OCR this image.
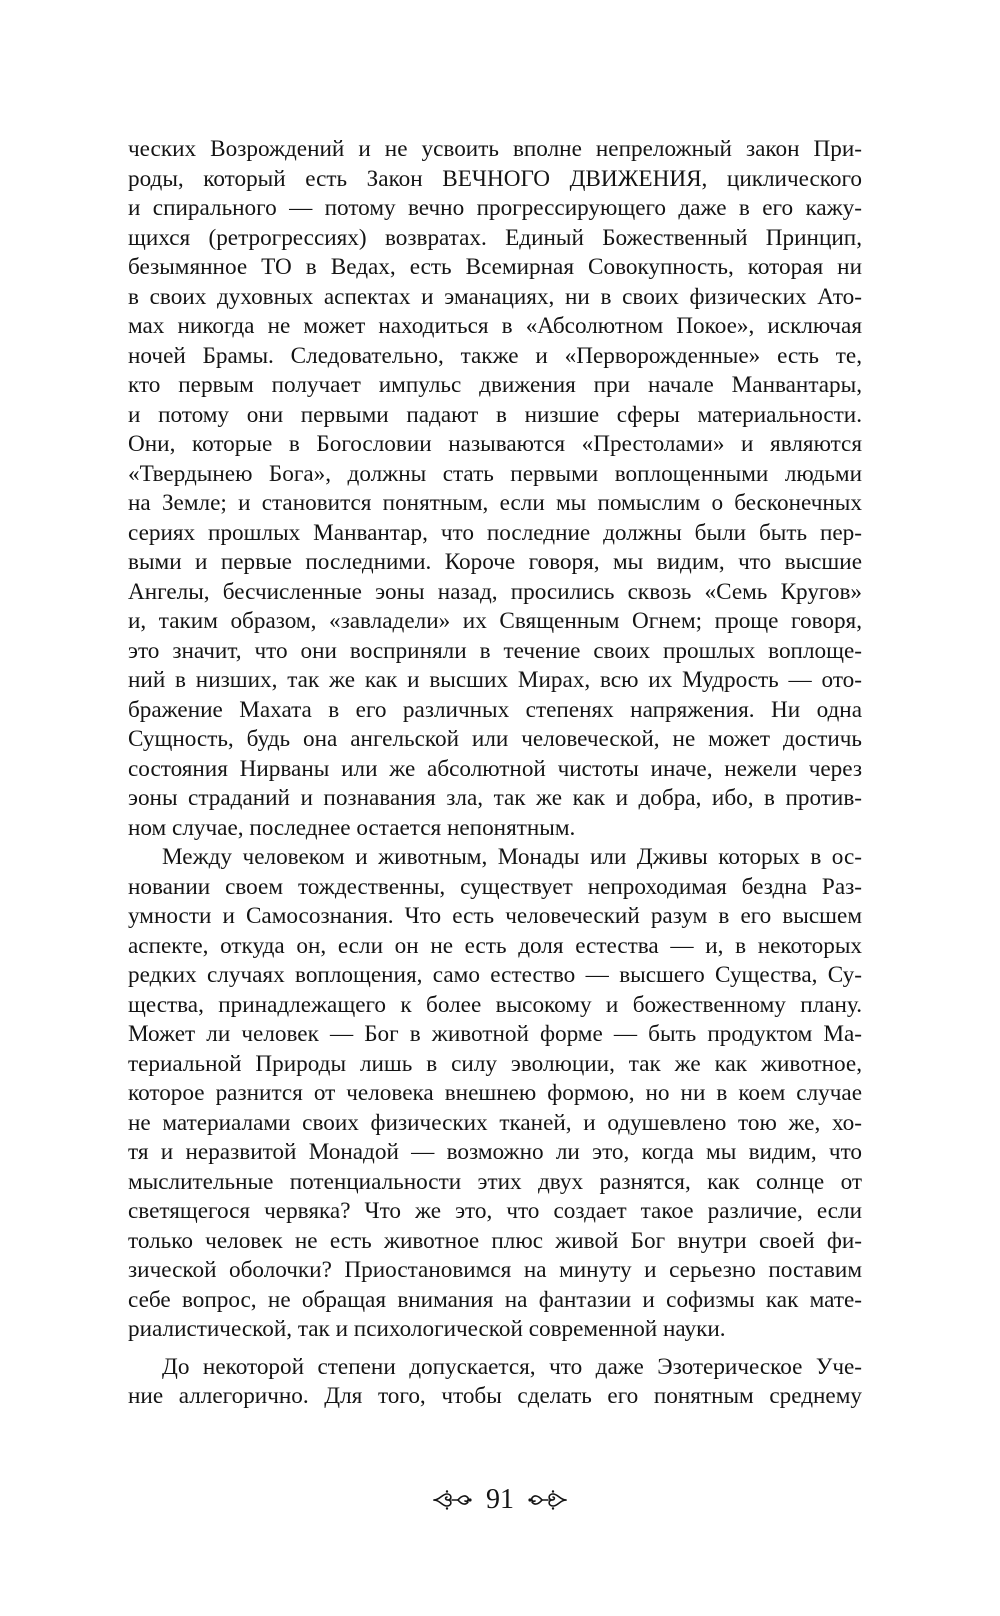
ческих Возрождений и не усвоить вполне непреложный закон При-
роды, который есть Закон ВЕЧНОГО ДВИЖЕНИЯ, циклического
и спирального — потому вечно прогрессирующего даже в его кажу-
щихся (ретрогрессиях) возвратах. Единый Божественный Принцип,
безымянное ТО в Ведах, есть Всемирная Совокупность, которая ни
в своих духовных аспектах и эманациях, ни в своих физических Ато-
мах никогда не может находиться в «Абсолютном Покое», исключая
ночей Брамы. Следовательно, также и «Перворожденные» есть те,
кто первым получает импульс движения при начале Манвантары,
и потому они первыми падают в низшие сферы материальности.
Они, которые в Богословии называются «Престолами» и являются
«Твердынею Бога», должны стать первыми воплощенными людьми
на Земле; и становится понятным, если мы помыслим о бесконечных
сериях прошлых Манвантар, что последние должны были быть пер-
выми и первые последними. Короче говоря, мы видим, что высшие
Ангелы, бесчисленные эоны назад, просились сквозь «Семь Кругов»
и, таким образом, «завладели» их Священным Огнем; проще говоря,
это значит, что они восприняли в течение своих прошлых воплоще-
ний в низших, так же как и высших Мирах, всю их Мудрость — ото-
бражение Махата в его различных степенях напряжения. Ни одна
Сущность, будь она ангельской или человеческой, не может достичь
состояния Нирваны или же абсолютной чистоты иначе, нежели через
эоны страданий и познавания зла, так же как и добра, ибо, в против-
ном случае, последнее остается непонятным.
Между человеком и животным, Монады или Дживы которых в ос-
новании своем тождественны, существует непроходимая бездна Раз-
умности и Самосознания. Что есть человеческий разум в его высшем
аспекте, откуда он, если он не есть доля естества — и, в некоторых
редких случаях воплощения, само естество — высшего Существа, Су-
щества, принадлежащего к более высокому и божественному плану.
Может ли человек — Бог в животной форме — быть продуктом Ма-
териальной Природы лишь в силу эволюции, так же как животное,
которое разнится от человека внешнею формою, но ни в коем случае
не материалами своих физических тканей, и одушевлено тою же, хо-
тя и неразвитой Монадой — возможно ли это, когда мы видим, что
мыслительные потенциальности этих двух разнятся, как солнце от
светящегося червяка? Что же это, что создает такое различие, если
только человек не есть животное плюс живой Бог внутри своей фи-
зической оболочки? Приостановимся на минуту и серьезно поставим
себе вопрос, не обращая внимания на фантазии и софизмы как мате-
риалистической, так и психологической современной науки.
До некоторой степени допускается, что даже Эзотерическое Уче-
ние аллегорично. Для того, чтобы сделать его понятным среднему
91
